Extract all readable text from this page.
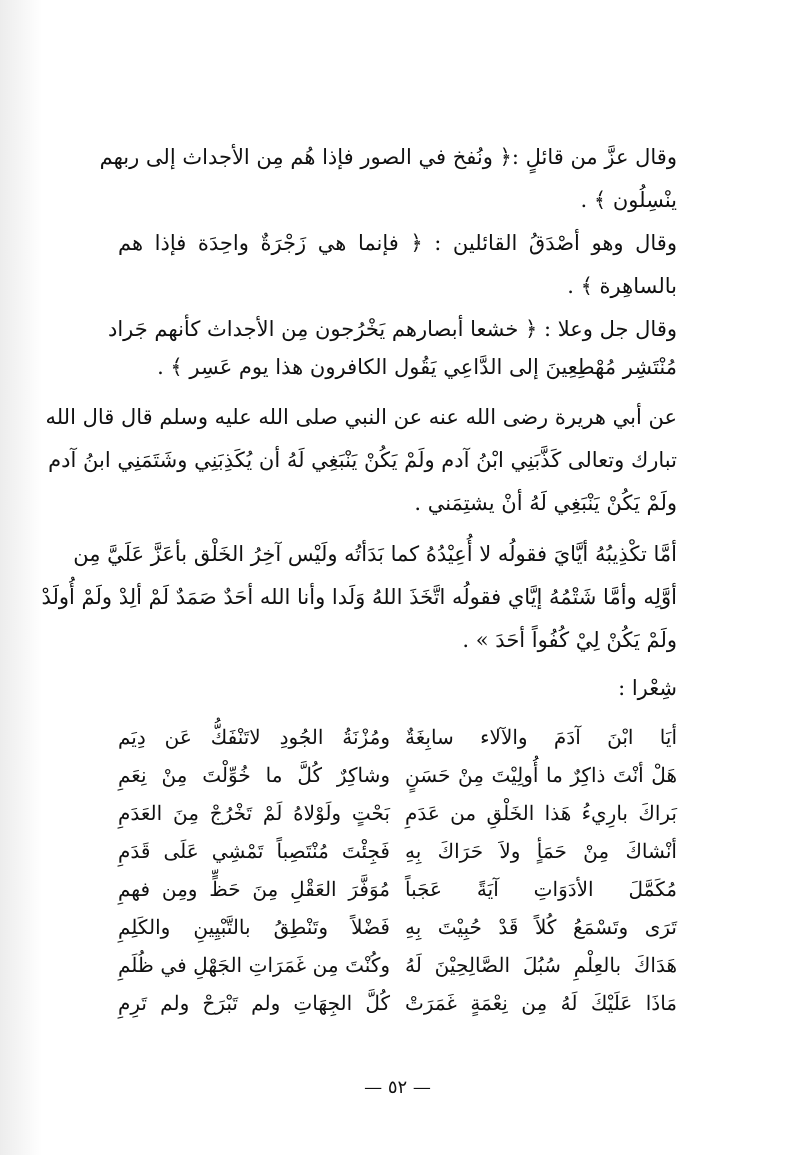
وقال عزَّ من قائلٍ :﴿ ونُفخ في الصور فإذا هُم مِن الأجداث إلى ربهم
ينْسِلُون ﴾ .
وقال وهو أصْدَقُ القائلين : ﴿ فإنما هي زَجْرَةٌ واحِدَة فإذا هم
بالساهِرة ﴾ .
وقال جل وعلا : ﴿ خشعا أبصارهم يَخْرُجون مِن الأجداث كأنهم جَراد
مُنْتَشِر مُهْطِعِينَ إلى الدَّاعِي يَقُول الكافرون هذا يوم عَسِر ﴾ .
عن أبي هريرة رضى الله عنه عن النبي صلى الله عليه وسلم قال قال الله
تبارك وتعالى كَذَّبَنِي ابْنُ آدم ولَمْ يَكُنْ يَنْبَغِي لَهُ أن يُكَذِبَنِي وشَتَمَنِي ابنُ آدم
ولَمْ يَكُنْ يَنْبَغِي لَهُ أنْ يشتِمَني .
أمَّا تكْذِيبُهُ أيَّايَ فقولُه لا أُعِيْدُهُ كما بَدَأتُه ولَيْس آخِرُ الخَلْق بأعَزَّ عَلَيَّ مِن
أوَّلِه وأمَّا شَتْمُهُ إيَّاي فقولُه اتَّخَذَ اللهُ وَلَدا وأنا الله أحَدٌ صَمَدٌ لَمْ ألِدْ ولَمْ أُولَدْ
ولَمْ يَكُنْ لِيْ كُفُواً أحَدَ » .
شِعْرا :
أيَا ابْنَ آدَمَ والآلاء سابِغَةٌ
ومُزْنَةُ الجُودِ لاتَنْفَكُّ عَن دِيَم
هَلْ أنْتَ ذاكِرٌ ما أُولِيْتَ مِنْ حَسَنٍ
وشاكِرٌ كُلَّ ما خُوِّلْتَ مِنْ نِعَمِ
بَراكَ بارِيءُ هَذا الخَلْقِ من عَدَمِ
بَحْتٍ ولَوْلاهُ لَمْ تَخْرُجْ مِنَ العَدَمِ
أنْشاكَ مِنْ حَمَأٍ ولاَ حَرَاكَ بِهِ
فَجِئْتَ مُنْتَصِباً تَمْشِي عَلَى قَدَمِ
مُكَمَّلَ الأدَوَاتِ آيَةً عَجَباً
مُوَفَّرَ العَقْلِ مِنَ حَظٍّ ومِن فهمِ
تَرَى وتَسْمَعُ كُلاً قَدْ حُبِيْتَ بِهِ
فَضْلاً وتَنْطِقُ بالتَّبْيِينِ والكَلِمِ
هَدَاكَ بالعِلْمِ سُبُلَ الصَّالِحِيْنَ لَهُ
وكُنْتَ مِن غَمَرَاتِ الجَهْلِ في ظُلَمِ
مَاذَا عَلَيْكَ لَهُ مِن نِعْمَةٍ غَمَرَتْ
كُلَّ الجِهَاتِ ولم تَبْرَحْ ولم تَرِمِ
— ٥٢ —
